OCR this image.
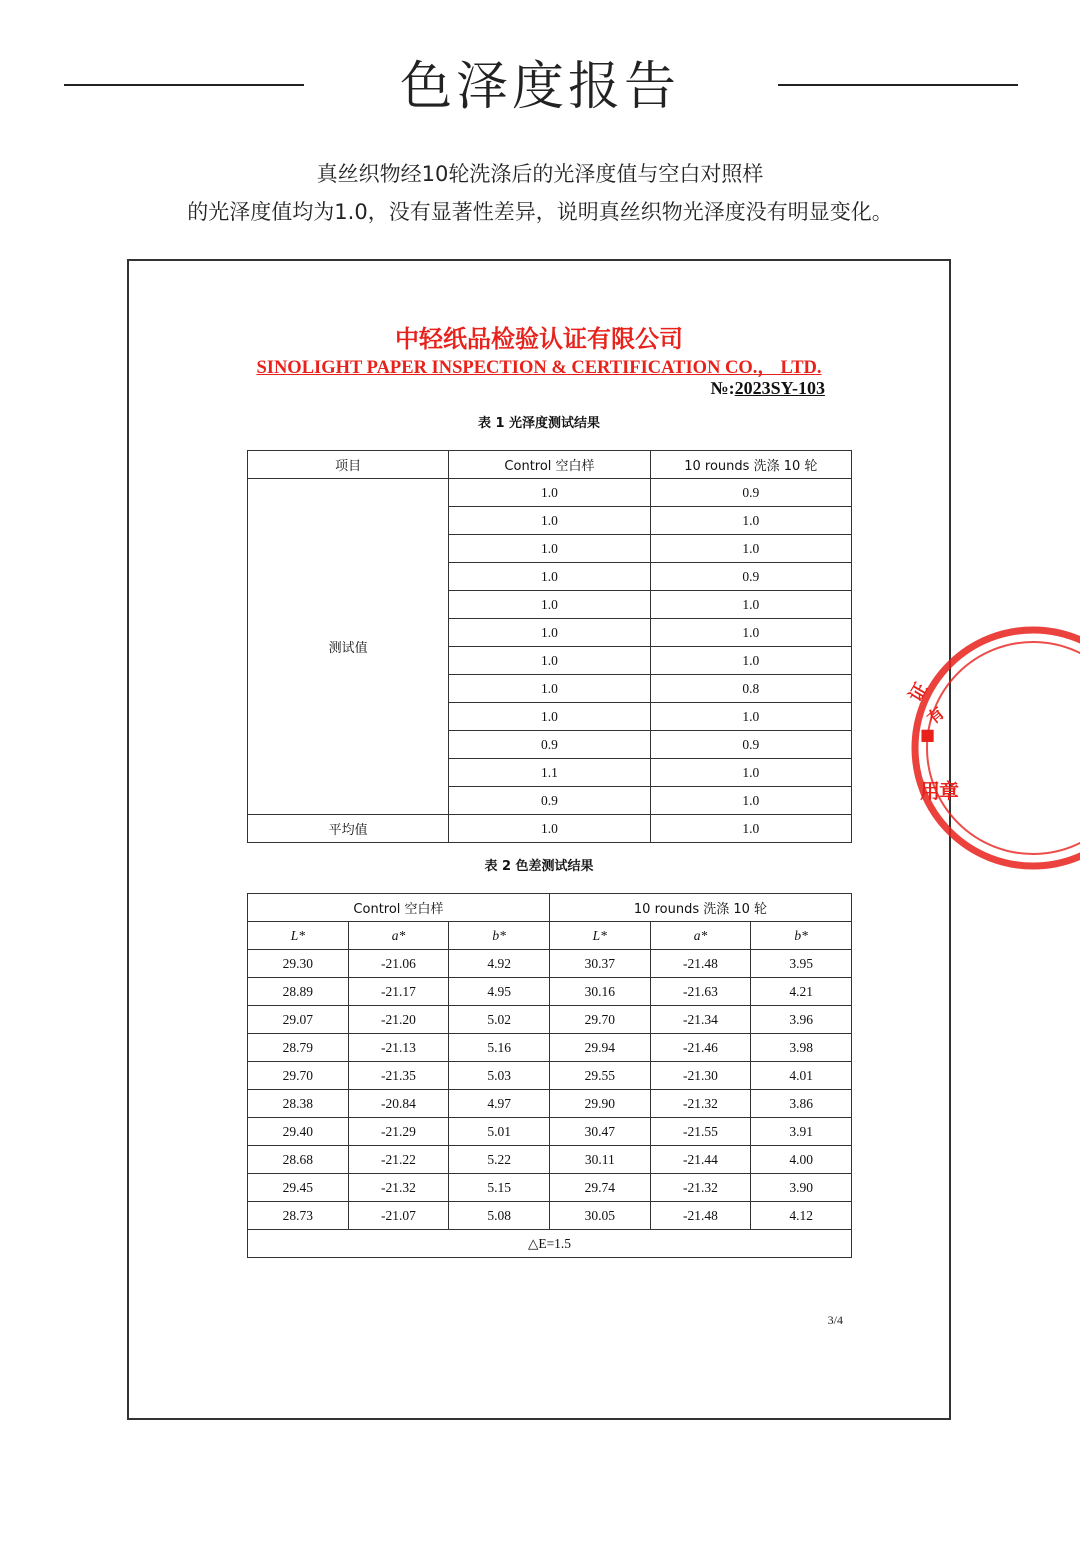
色泽度报告
真丝织物经10轮洗涤后的光泽度值与空白对照样
的光泽度值均为1.0，没有显著性差异，说明真丝织物光泽度没有明显变化。
中轻纸品检验认证有限公司
SINOLIGHT PAPER INSPECTION & CERTIFICATION CO.， LTD.
№:2023SY-103
表 1 光泽度测试结果
项目	Control 空白样	10 rounds 洗涤 10 轮
测试值	1.0	0.9
	1.0	1.0
	1.0	1.0
	1.0	0.9
	1.0	1.0
	1.0	1.0
	1.0	1.0
	1.0	0.8
	1.0	1.0
	0.9	0.9
	1.1	1.0
	0.9	1.0
平均值	1.0	1.0
表 2 色差测试结果
Control 空白样			10 rounds 洗涤 10 轮		
L*	a*	b*	L*	a*	b*
29.30	-21.06	4.92	30.37	-21.48	3.95
28.89	-21.17	4.95	30.16	-21.63	4.21
29.07	-21.20	5.02	29.70	-21.34	3.96
28.79	-21.13	5.16	29.94	-21.46	3.98
29.70	-21.35	5.03	29.55	-21.30	4.01
28.38	-20.84	4.97	29.90	-21.32	3.86
29.40	-21.29	5.01	30.47	-21.55	3.91
28.68	-21.22	5.22	30.11	-21.44	4.00
29.45	-21.32	5.15	29.74	-21.32	3.90
28.73	-21.07	5.08	30.05	-21.48	4.12
△E=1.5					
3/4
证
有
■
用 章
